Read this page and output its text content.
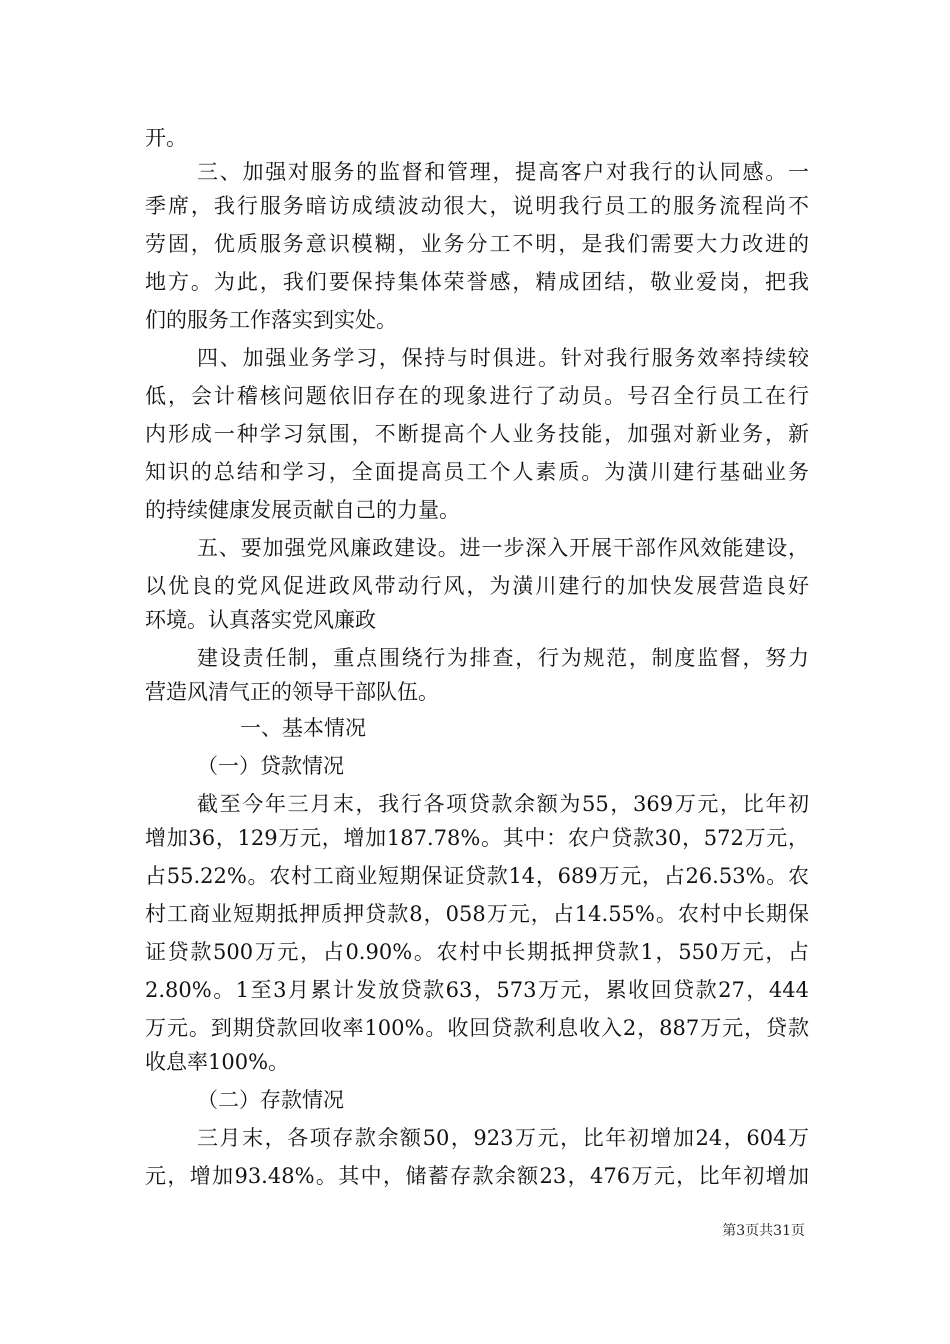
开。
三、加强对服务的监督和管理，提高客户对我行的认同感。一
季席，我行服务暗访成绩波动很大，说明我行员工的服务流程尚不
劳固，优质服务意识模糊，业务分工不明，是我们需要大力改进的
地方。为此，我们要保持集体荣誉感，精成团结，敬业爱岗，把我
们的服务工作落实到实处。
四、加强业务学习，保持与时俱进。针对我行服务效率持续较
低，会计稽核问题依旧存在的现象进行了动员。号召全行员工在行
内形成一种学习氛围，不断提高个人业务技能，加强对新业务，新
知识的总结和学习，全面提高员工个人素质。为潢川建行基础业务
的持续健康发展贡献自己的力量。
五、要加强党风廉政建设。进一步深入开展干部作风效能建设，
以优良的党风促进政风带动行风，为潢川建行的加快发展营造良好
环境。认真落实党风廉政
建设责任制，重点围绕行为排查，行为规范，制度监督，努力
营造风清气正的领导干部队伍。
一、基本情况
（一）贷款情况
截至今年三月末，我行各项贷款余额为55，369万元，比年初
增加36，129万元，增加187.78%。其中：农户贷款30，572万元，
占55.22%。农村工商业短期保证贷款14，689万元，占26.53%。农
村工商业短期抵押质押贷款8，058万元，占14.55%。农村中长期保
证贷款500万元，占0.90%。农村中长期抵押贷款1，550万元，占
2.80%。1至3月累计发放贷款63，573万元，累收回贷款27，444
万元。到期贷款回收率100%。收回贷款利息收入2，887万元，贷款
收息率100%。
（二）存款情况
三月末，各项存款余额50，923万元，比年初增加24，604万
元，增加93.48%。其中，储蓄存款余额23，476万元，比年初增加
第3页共31页
